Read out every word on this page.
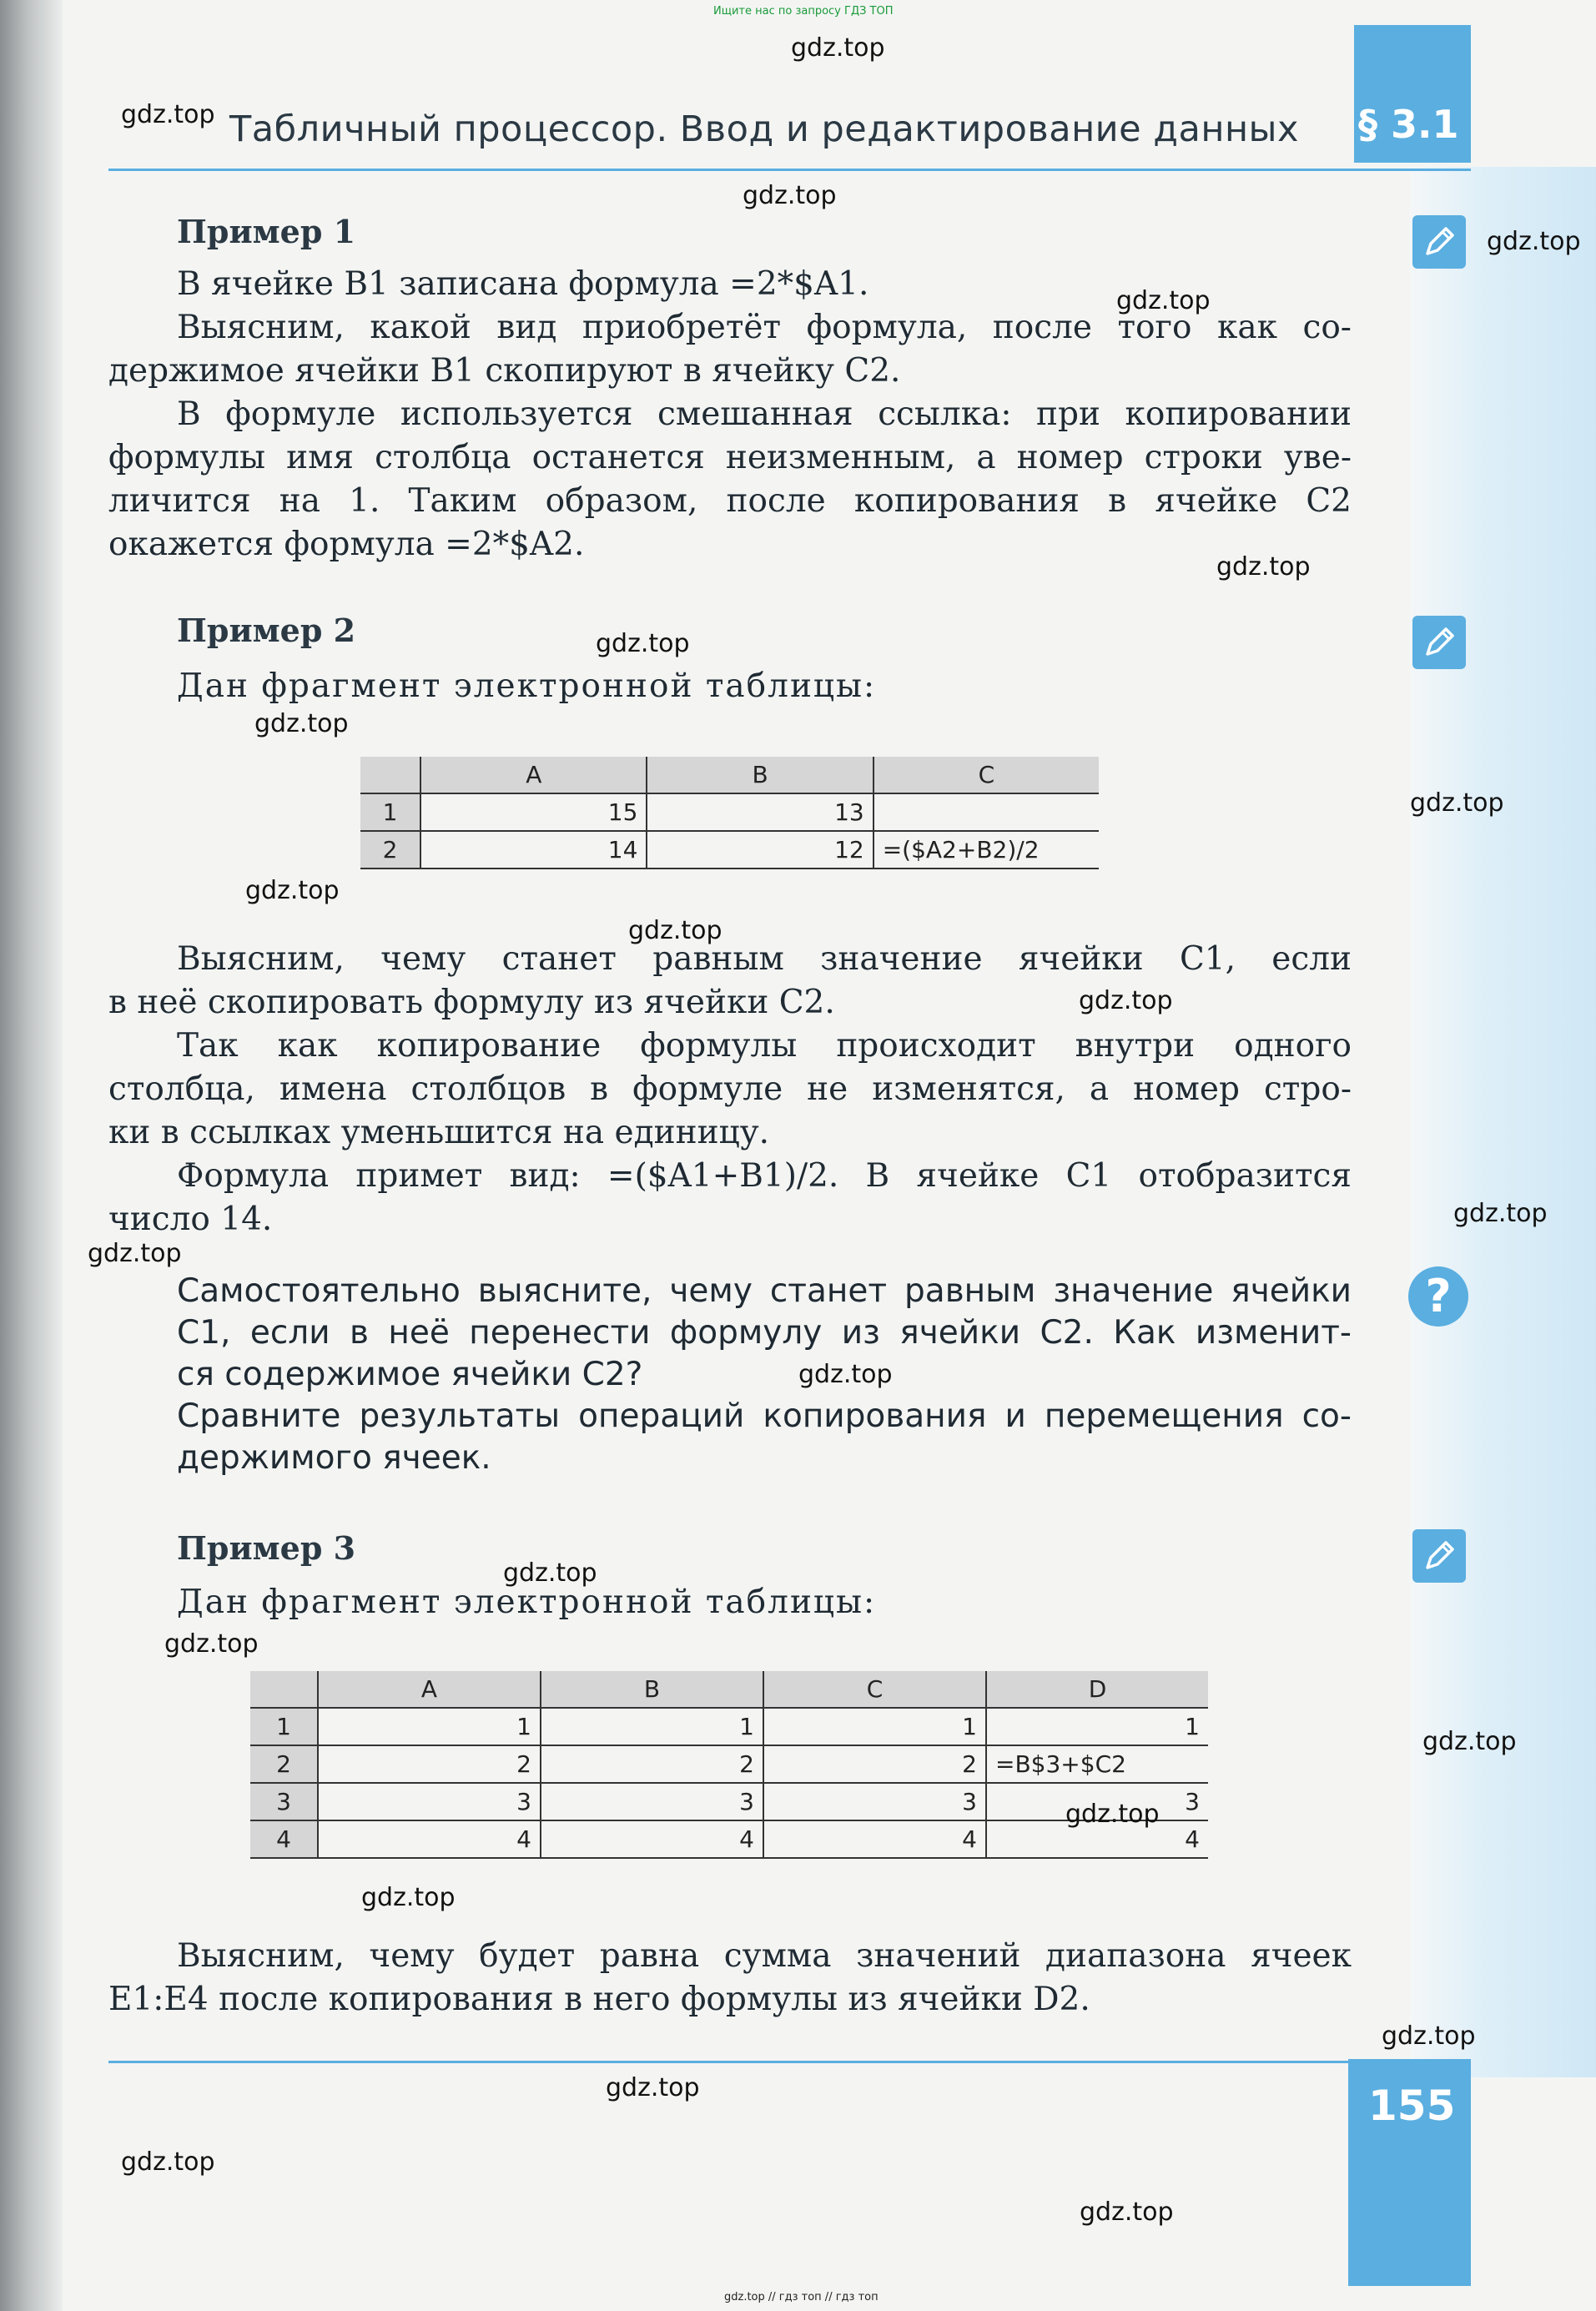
Ищите нас по запросу ГДЗ ТОП
§ 3.1
Табличный процессор. Ввод и редактирование данных
?
Пример 1
В ячейке B1 записана формула =2*$A1.
Выясним, какой вид приобретёт формула, после того как со-
держимое ячейки B1 скопируют в ячейку C2.
В формуле используется смешанная ссылка: при копировании
формулы имя столбца останется неизменным, а номер строки уве-
личится на 1. Таким образом, после копирования в ячейке C2
окажется формула =2*$A2.
Пример 2
Дан фрагмент электронной таблицы:
	A	B	C
1	15	13	
2	14	12	=($A2+B2)/2
Выясним, чему станет равным значение ячейки C1, если
в неё скопировать формулу из ячейки C2.
Так как копирование формулы происходит внутри одного
столбца, имена столбцов в формуле не изменятся, а номер стро-
ки в ссылках уменьшится на единицу.
Формула примет вид: =($A1+B1)/2. В ячейке C1 отобразится
число 14.
Самостоятельно выясните, чему станет равным значение ячейки
C1, если в неё перенести формулу из ячейки C2. Как изменит-
ся содержимое ячейки C2?
Сравните результаты операций копирования и перемещения со-
держимого ячеек.
Пример 3
Дан фрагмент электронной таблицы:
	A	B	C	D
1	1	1	1	1
2	2	2	2	=B$3+$C2
3	3	3	3	3
4	4	4	4	4
Выясним, чему будет равна сумма значений диапазона ячеек
E1:E4 после копирования в него формулы из ячейки D2.
155
gdz.top
gdz.top
gdz.top
gdz.top
gdz.top
gdz.top
gdz.top
gdz.top
gdz.top
gdz.top
gdz.top
gdz.top
gdz.top
gdz.top
gdz.top
gdz.top
gdz.top
gdz.top
gdz.top
gdz.top
gdz.top
gdz.top
gdz.top
gdz.top
gdz.top // гдз топ // гдз топ
